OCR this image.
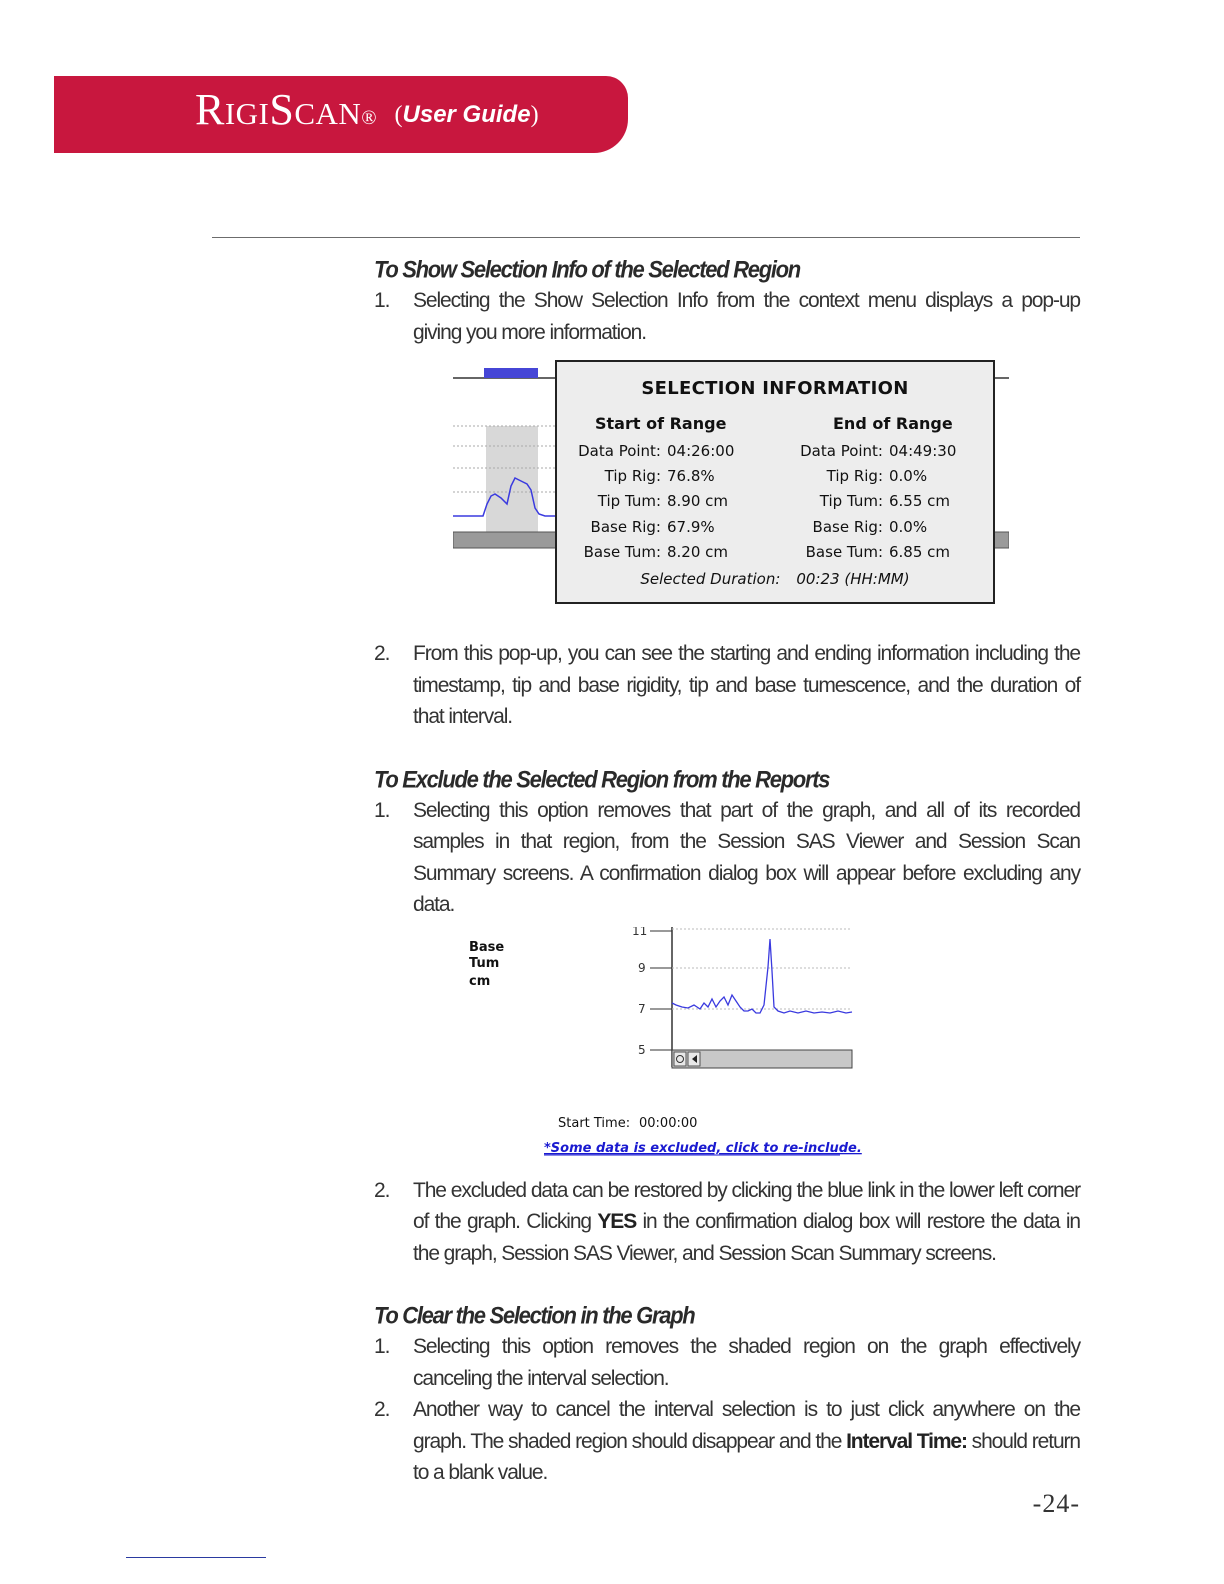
RigiScan® (User Guide)
To Show Selection Info of the Selected Region
1. Selecting the Show Selection Info from the context menu displays a pop-up giving you more information.
SELECTION INFORMATION
Start of Range
Data Point: 04:26:00
Tip Rig: 76.8%
Tip Tum: 8.90 cm
Base Rig: 67.9%
Base Tum: 8.20 cm
End of Range
Data Point: 04:49:30
Tip Rig: 0.0%
Tip Tum: 6.55 cm
Base Rig: 0.0%
Base Tum: 6.85 cm
Selected Duration: 00:23 (HH:MM)
2. From this pop-up, you can see the starting and ending information including the timestamp, tip and base rigidity, tip and base tumescence, and the duration of that interval.
To Exclude the Selected Region from the Reports
1. Selecting this option removes that part of the graph, and all of its recorded samples in that region, from the Session SAS Viewer and Session Scan Summary screens. A confirmation dialog box will appear before excluding any data.
Base
Tum
cm
11
9
7
5
Start Time: 00:00:00
*Some data is excluded, click to re-include.
2. The excluded data can be restored by clicking the blue link in the lower left corner of the graph. Clicking YES in the confirmation dialog box will restore the data in the graph, Session SAS Viewer, and Session Scan Summary screens.
To Clear the Selection in the Graph
1. Selecting this option removes the shaded region on the graph effectively canceling the interval selection.
2. Another way to cancel the interval selection is to just click anywhere on the graph. The shaded region should disappear and the Interval Time: should return to a blank value.
-24-
